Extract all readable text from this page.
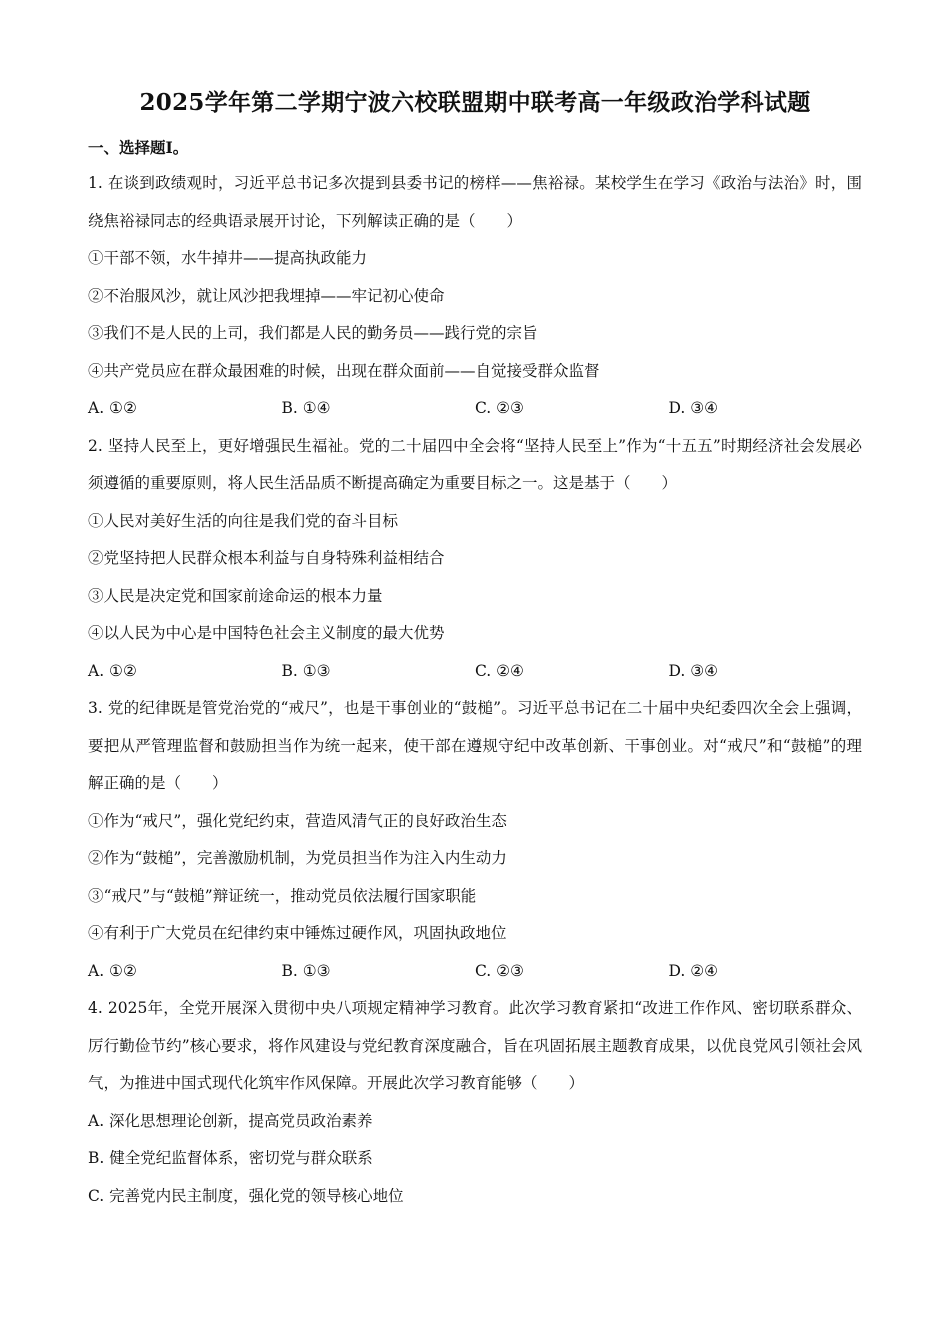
2025学年第二学期宁波六校联盟期中联考高一年级政治学科试题
一、选择题Ⅰ。

1. 在谈到政绩观时，习近平总书记多次提到县委书记的榜样——焦裕禄。某校学生在学习《政治与法治》时，围绕焦裕禄同志的经典语录展开讨论，下列解读正确的是（　　）

①干部不领，水牛掉井——提高执政能力
②不治服风沙，就让风沙把我埋掉——牢记初心使命
③我们不是人民的上司，我们都是人民的勤务员——践行党的宗旨
④共产党员应在群众最困难的时候，出现在群众面前——自觉接受群众监督
A. ①②	B. ①④	C. ②③	D. ③④

2. 坚持人民至上，更好增强民生福祉。党的二十届四中全会将“坚持人民至上”作为“十五五”时期经济社会发展必须遵循的重要原则，将人民生活品质不断提高确定为重要目标之一。这是基于（　　）

①人民对美好生活的向往是我们党的奋斗目标
②党坚持把人民群众根本利益与自身特殊利益相结合
③人民是决定党和国家前途命运的根本力量
④以人民为中心是中国特色社会主义制度的最大优势
A. ①②	B. ①③	C. ②④	D. ③④

3. 党的纪律既是管党治党的“戒尺”，也是干事创业的“鼓槌”。习近平总书记在二十届中央纪委四次全会上强调，要把从严管理监督和鼓励担当作为统一起来，使干部在遵规守纪中改革创新、干事创业。对“戒尺”和“鼓槌”的理解正确的是（　　）

①作为“戒尺”，强化党纪约束，营造风清气正的良好政治生态
②作为“鼓槌”，完善激励机制，为党员担当作为注入内生动力
③“戒尺”与“鼓槌”辩证统一，推动党员依法履行国家职能
④有利于广大党员在纪律约束中锤炼过硬作风，巩固执政地位
A. ①②	B. ①③	C. ②③	D. ②④

4. 2025年，全党开展深入贯彻中央八项规定精神学习教育。此次学习教育紧扣“改进工作作风、密切联系群众、厉行勤俭节约”核心要求，将作风建设与党纪教育深度融合，旨在巩固拓展主题教育成果，以优良党风引领社会风气，为推进中国式现代化筑牢作风保障。开展此次学习教育能够（　　）

A. 深化思想理论创新，提高党员政治素养
B. 健全党纪监督体系，密切党与群众联系
C. 完善党内民主制度，强化党的领导核心地位
